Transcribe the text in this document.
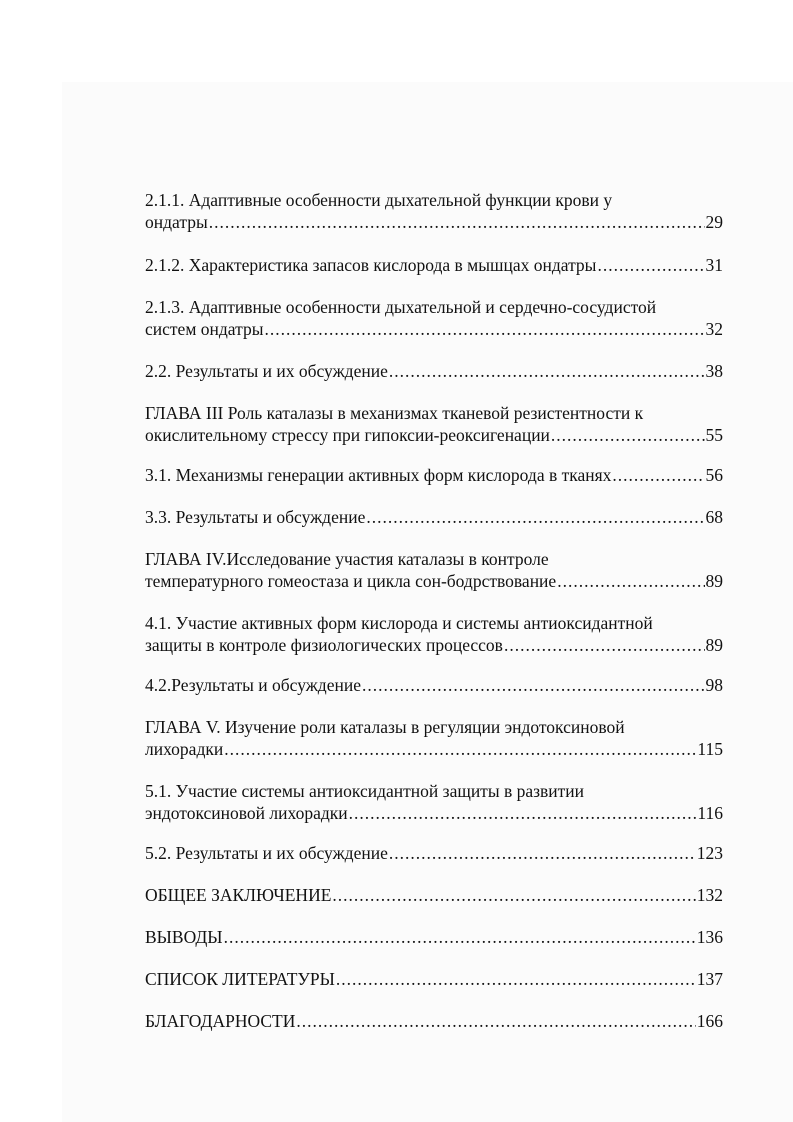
2.1.1. Адаптивные особенности дыхательной функции крови у
ондатры .....	29
2.1.2. Характеристика запасов кислорода в мышцах ондатры .....	31
2.1.3. Адаптивные особенности дыхательной и сердечно-сосудистой
систем ондатры .....	32
2.2. Результаты и их обсуждение .....	38
ГЛАВА III Роль каталазы в механизмах тканевой резистентности к
окислительному стрессу при гипоксии-реоксигенации .....	55
3.1. Механизмы генерации активных форм кислорода в тканях .....	56
3.3. Результаты и обсуждение .....	68
ГЛАВА IV.Исследование участия каталазы в контроле
температурного гомеостаза и цикла сон-бодрствование .....	89
4.1. Участие активных форм кислорода и системы антиоксидантной
защиты в контроле физиологических процессов .....	89
4.2.Результаты и обсуждение .....	98
ГЛАВА V. Изучение роли каталазы в регуляции эндотоксиновой
лихорадки .....	115
5.1. Участие системы антиоксидантной защиты в развитии
эндотоксиновой лихорадки .....	116
5.2. Результаты и их обсуждение .....	123
ОБЩЕЕ ЗАКЛЮЧЕНИЕ .....	132
ВЫВОДЫ .....	136
СПИСОК ЛИТЕРАТУРЫ .....	137
БЛАГОДАРНОСТИ .....	166
